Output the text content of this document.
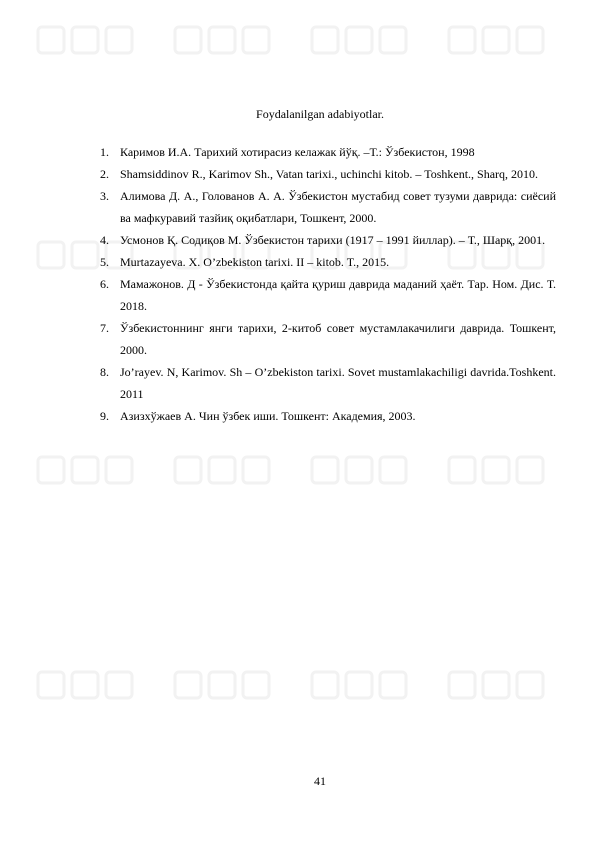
Foydalanilgan adabiyotlar.
1. Каримов И.А. Тарихий хотирасиз келажак йўқ. –Т.: Ўзбекистон, 1998
2. Shamsiddinov R., Karimov Sh., Vatan tarixi., uchinchi kitob. – Toshkent., Sharq, 2010.
3. Алимова Д. А., Голованов А. А. Ўзбекистон мустабид совет тузуми даврида: сиёсий ва мафкуравий тазйиқ оқибатлари, Тошкент, 2000.
4. Усмонов Қ. Содиқов М. Ўзбекистон тарихи (1917 – 1991 йиллар). – Т., Шарқ, 2001.
5. Murtazayeva. X. O’zbekiston tarixi. II – kitob. T., 2015.
6. Мамажонов. Д - Ўзбекистонда қайта қуриш даврида маданий ҳаёт. Тар. Ном. Дис. Т. 2018.
7. Ўзбекистоннинг янги тарихи, 2-китоб совет мустамлакачилиги даврида. Тошкент, 2000.
8. Jo’rayev. N, Karimov. Sh – O’zbekiston tarixi. Sovet mustamlakachiligi davrida.Toshkent. 2011
9. Азизхўжаев А. Чин ўзбек иши. Тошкент: Академия, 2003.
41
